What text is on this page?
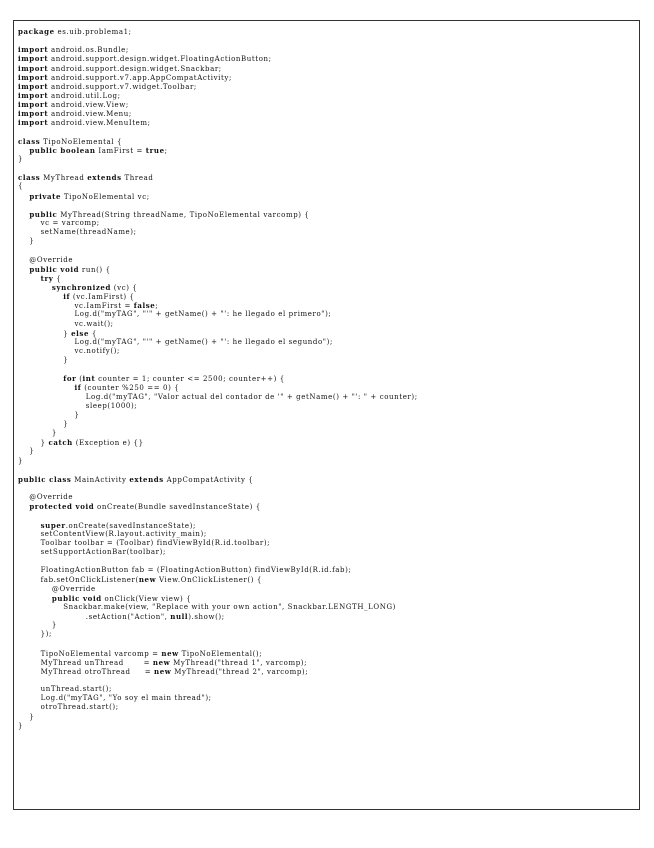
package es.uib.problema1;

import android.os.Bundle;
import android.support.design.widget.FloatingActionButton;
import android.support.design.widget.Snackbar;
import android.support.v7.app.AppCompatActivity;
import android.support.v7.widget.Toolbar;
import android.util.Log;
import android.view.View;
import android.view.Menu;
import android.view.MenuItem;

class TipoNoElemental {
public boolean IamFirst = true;
}

class MyThread extends Thread
{
private TipoNoElemental vc;

public MyThread(String threadName, TipoNoElemental varcomp) {
vc = varcomp;
setName(threadName);
}

@Override
public void run() {
try {
synchronized (vc) {
if (vc.IamFirst) {
vc.IamFirst = false;
Log.d("myTAG", "'" + getName() + "': he llegado el primero");
vc.wait();
} else {
Log.d("myTAG", "'" + getName() + "': he llegado el segundo");
vc.notify();
}

for (int counter = 1; counter <= 2500; counter++) {
if (counter %250 == 0) {
Log.d("myTAG", "Valor actual del contador de '" + getName() + "': " + counter);
sleep(1000);
}
}
}
} catch (Exception e) {}
}
}

public class MainActivity extends AppCompatActivity {

@Override
protected void onCreate(Bundle savedInstanceState) {

super.onCreate(savedInstanceState);
setContentView(R.layout.activity_main);
Toolbar toolbar = (Toolbar) findViewById(R.id.toolbar);
setSupportActionBar(toolbar);

FloatingActionButton fab = (FloatingActionButton) findViewById(R.id.fab);
fab.setOnClickListener(new View.OnClickListener() {
@Override
public void onClick(View view) {
Snackbar.make(view, "Replace with your own action", Snackbar.LENGTH_LONG)
.setAction("Action", null).show();
}
});

TipoNoElemental varcomp = new TipoNoElemental();
MyThread unThread       = new MyThread("thread 1", varcomp);
MyThread otroThread     = new MyThread("thread 2", varcomp);

unThread.start();
Log.d("myTAG", "Yo soy el main thread");
otroThread.start();
}
}
